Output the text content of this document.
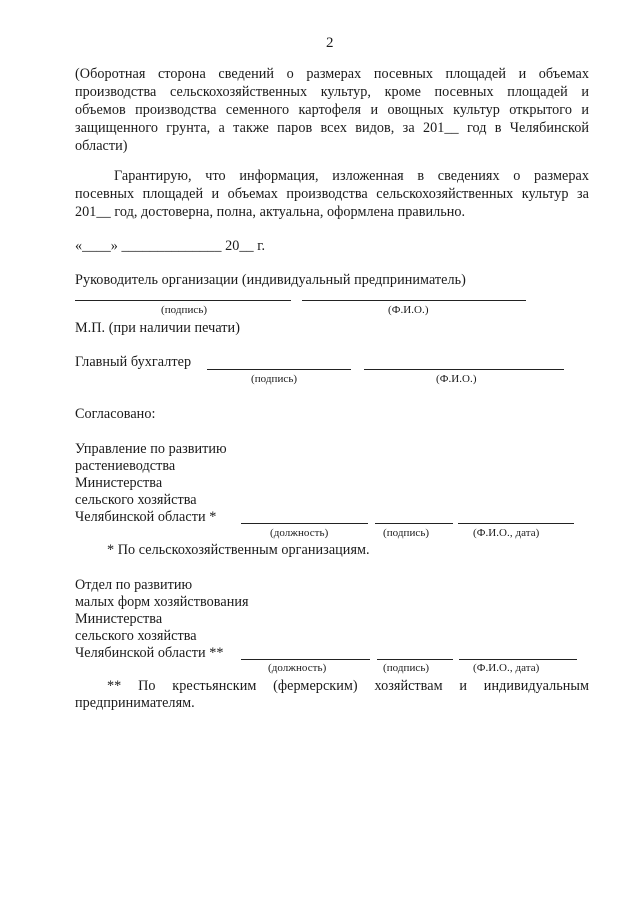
2
(Оборотная сторона сведений о размерах посевных площадей и объемах
производства сельскохозяйственных культур, кроме посевных площадей и
объемов производства семенного картофеля и овощных культур открытого и
защищенного грунта, а также паров всех видов, за 201__ год в Челябинской
области)
Гарантирую, что информация, изложенная в сведениях о размерах
посевных площадей и объемах производства сельскохозяйственных культур за
201__ год, достоверна, полна, актуальна, оформлена правильно.
«____» ______________ 20__ г.
Руководитель организации (индивидуальный предприниматель)
(подпись)	(Ф.И.О.)
М.П. (при наличии печати)
Главный бухгалтер
(подпись)	(Ф.И.О.)
Согласовано:
Управление по развитию
растениеводства
Министерства
сельского хозяйства
Челябинской области *
(должность)	(подпись)	(Ф.И.О., дата)
* По сельскохозяйственным организациям.
Отдел по развитию
малых форм хозяйствования
Министерства
сельского хозяйства
Челябинской области **
(должность)	(подпись)	(Ф.И.О., дата)
** По крестьянским (фермерским) хозяйствам и индивидуальным
предпринимателям.
